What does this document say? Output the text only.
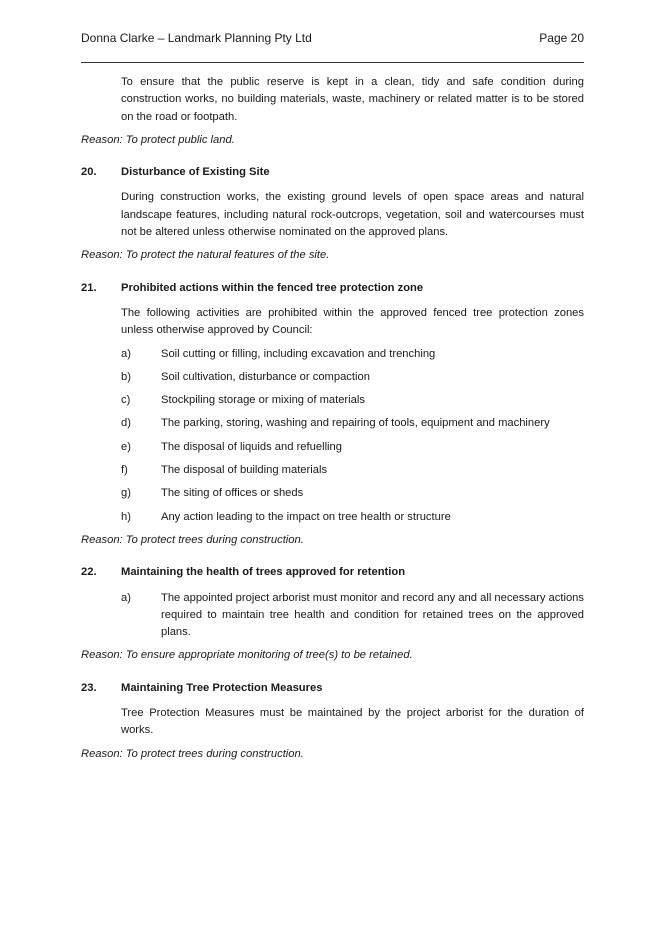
Donna Clarke – Landmark Planning Pty Ltd	Page 20

To ensure that the public reserve is kept in a clean, tidy and safe condition during construction works, no building materials, waste, machinery or related matter is to be stored on the road or footpath.

Reason: To protect public land.

20.	Disturbance of Existing Site

During construction works, the existing ground levels of open space areas and natural landscape features, including natural rock-outcrops, vegetation, soil and watercourses must not be altered unless otherwise nominated on the approved plans.

Reason: To protect the natural features of the site.

21.	Prohibited actions within the fenced tree protection zone

The following activities are prohibited within the approved fenced tree protection zones unless otherwise approved by Council:

a)	Soil cutting or filling, including excavation and trenching
b)	Soil cultivation, disturbance or compaction
c)	Stockpiling storage or mixing of materials
d)	The parking, storing, washing and repairing of tools, equipment and machinery
e)	The disposal of liquids and refuelling
f)	The disposal of building materials
g)	The siting of offices or sheds
h)	Any action leading to the impact on tree health or structure

Reason: To protect trees during construction.

22.	Maintaining the health of trees approved for retention
a)	The appointed project arborist must monitor and record any and all necessary actions required to maintain tree health and condition for retained trees on the approved plans.

Reason: To ensure appropriate monitoring of tree(s) to be retained.

23.	Maintaining Tree Protection Measures

Tree Protection Measures must be maintained by the project arborist for the duration of works.

Reason: To protect trees during construction.
